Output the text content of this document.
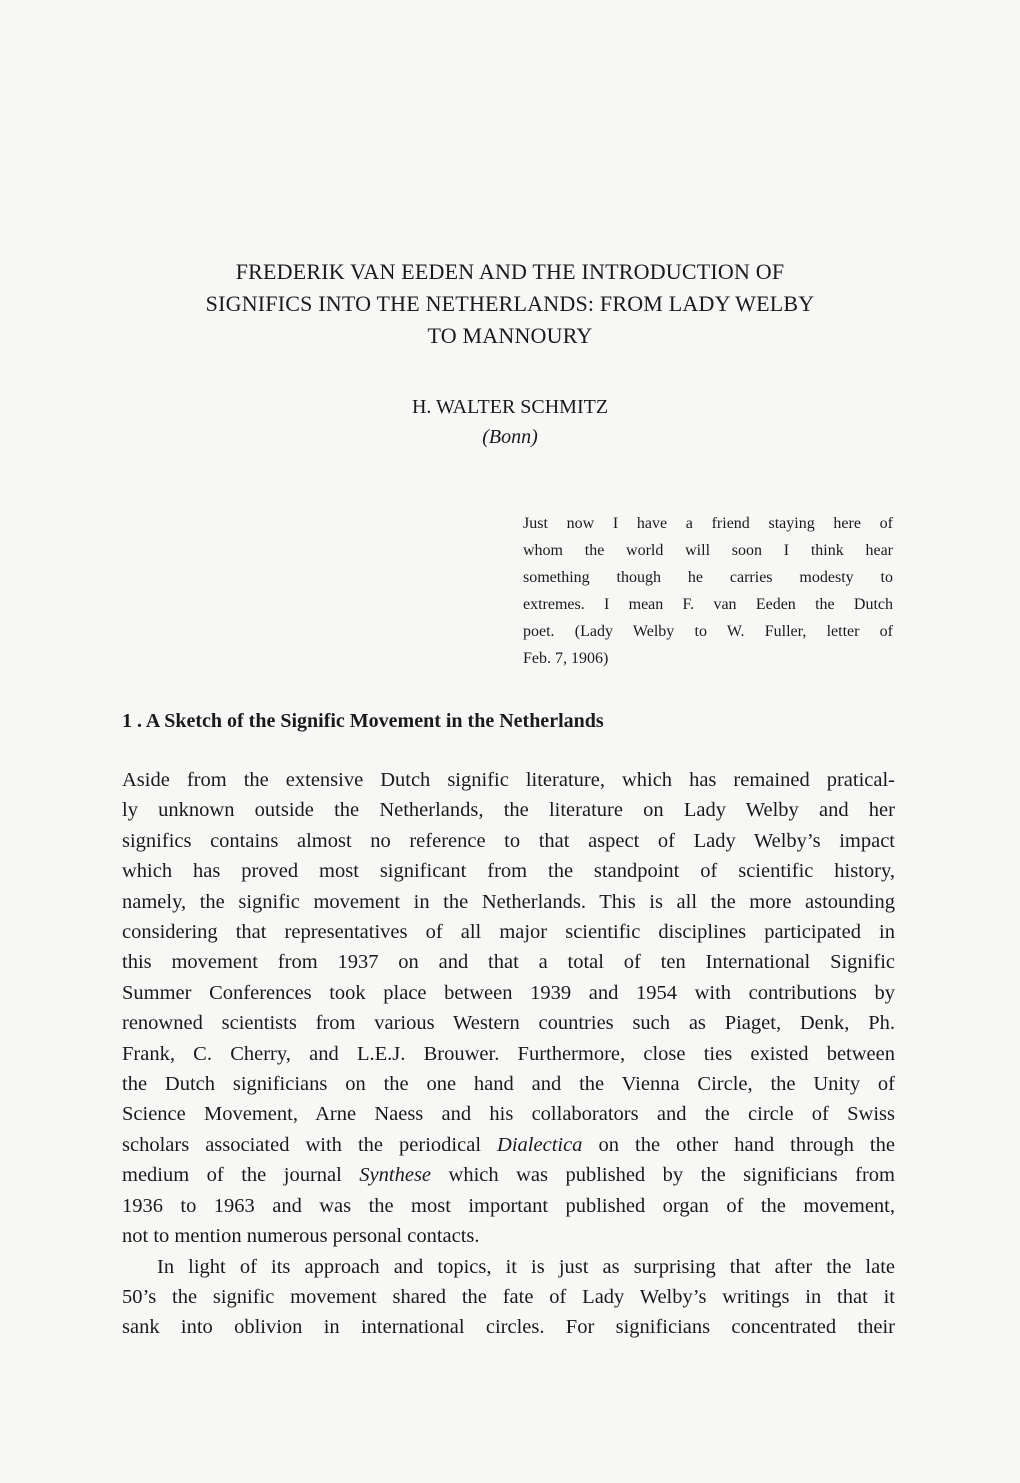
FREDERIK VAN EEDEN AND THE INTRODUCTION OF
SIGNIFICS INTO THE NETHERLANDS: FROM LADY WELBY
TO MANNOURY
H. WALTER SCHMITZ
(Bonn)
Just now I have a friend staying here of
whom the world will soon I think hear
something though he carries modesty to
extremes. I mean F. van Eeden the Dutch
poet. (Lady Welby to W. Fuller, letter of
Feb. 7, 1906)
1 . A Sketch of the Signific Movement in the Netherlands
Aside from the extensive Dutch signific literature, which has remained pratical-
ly unknown outside the Netherlands, the literature on Lady Welby and her
significs contains almost no reference to that aspect of Lady Welby’s impact
which has proved most significant from the standpoint of scientific history,
namely, the signific movement in the Netherlands. This is all the more astounding
considering that representatives of all major scientific disciplines participated in
this movement from 1937 on and that a total of ten International Signific
Summer Conferences took place between 1939 and 1954 with contributions by
renowned scientists from various Western countries such as Piaget, Denk, Ph.
Frank, C. Cherry, and L.E.J. Brouwer. Furthermore, close ties existed between
the Dutch significians on the one hand and the Vienna Circle, the Unity of
Science Movement, Arne Naess and his collaborators and the circle of Swiss
scholars associated with the periodical Dialectica on the other hand through the
medium of the journal Synthese which was published by the significians from
1936 to 1963 and was the most important published organ of the movement,
not to mention numerous personal contacts.
In light of its approach and topics, it is just as surprising that after the late
50’s the signific movement shared the fate of Lady Welby’s writings in that it
sank into oblivion in international circles. For significians concentrated their
